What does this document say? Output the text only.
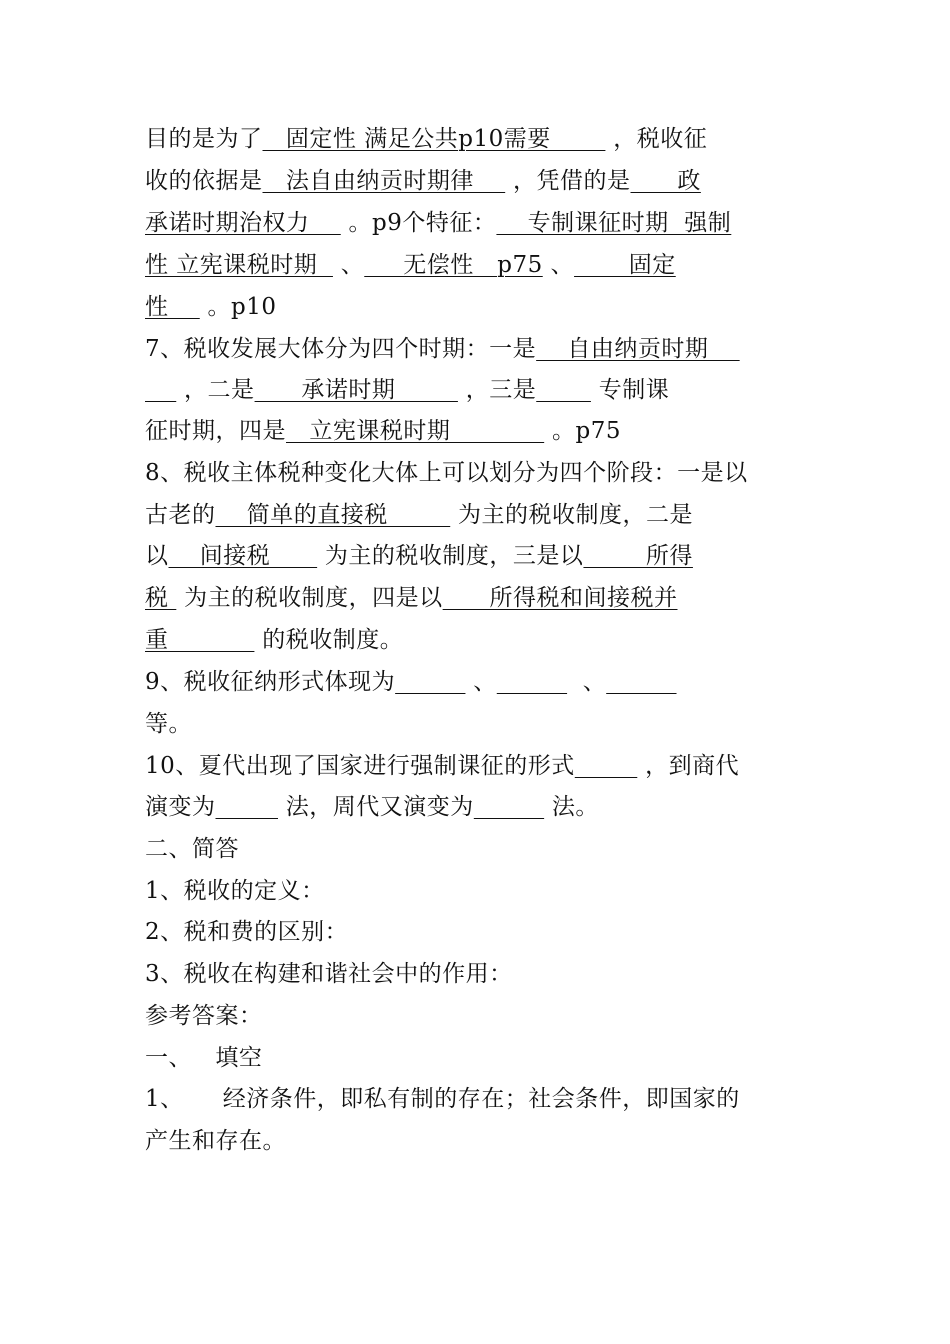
目的是为了   固定性 满足公共p10需要        ，税收征
收的依据是   法自由纳贡时期律     ，凭借的是      政
承诺时期治权力     。p9个特征：    专制课征时期  强制
性 立宪课税时期   、     无偿性   p75 、       固定
性     。p10
7、税收发展大体分为四个时期：一是    自由纳贡时期
，二是      承诺时期         ，三是        专制课
征时期，四是   立宪课税时期             。p75
8、税收主体税种变化大体上可以划分为四个阶段：一是以
古老的    简单的直接税         为主的税收制度，二是
以    间接税       为主的税收制度，三是以        所得
税  为主的税收制度，四是以      所得税和间接税并
重            的税收制度。
9、税收征纳形式体现为	、	、
等。
10、夏代出现了国家进行强制课征的形式	，到商代
演变为	法，周代又演变为	法。
二、简答
1、税收的定义：
2、税和费的区别：
3、税收在构建和谐社会中的作用：
参考答案：
一、   填空
1、     经济条件，即私有制的存在；社会条件，即国家的
产生和存在。
